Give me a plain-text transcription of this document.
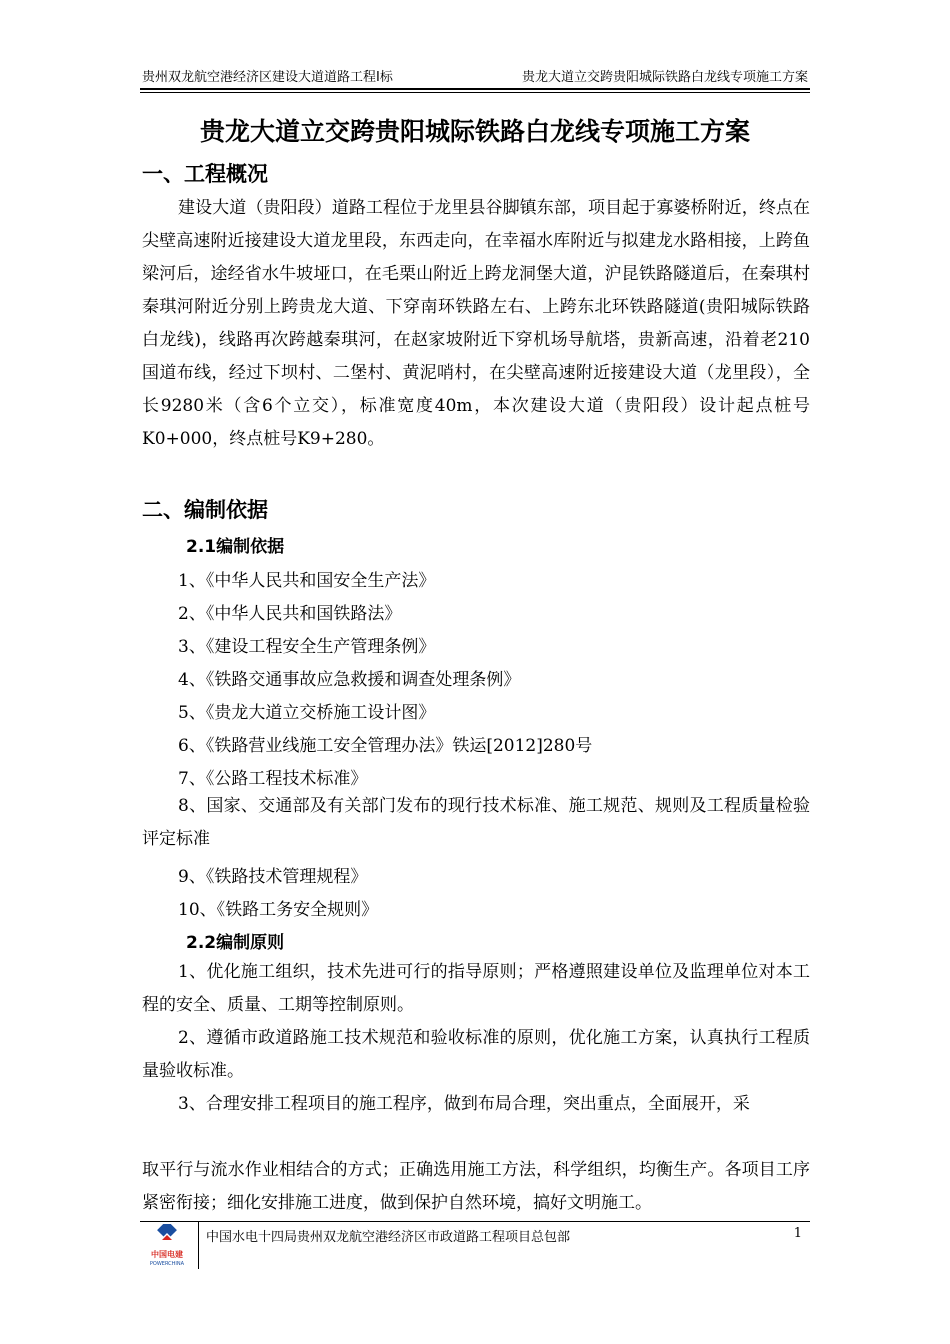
贵州双龙航空港经济区建设大道道路工程Ⅰ标	贵龙大道立交跨贵阳城际铁路白龙线专项施工方案
贵龙大道立交跨贵阳城际铁路白龙线专项施工方案
一、工程概况
建设大道（贵阳段）道路工程位于龙里县谷脚镇东部，项目起于寡婆桥附近，终点在尖壁高速附近接建设大道龙里段，东西走向，在幸福水库附近与拟建龙水路相接，上跨鱼梁河后，途经省水牛坡垭口，在毛栗山附近上跨龙洞堡大道，沪昆铁路隧道后，在秦琪村秦琪河附近分别上跨贵龙大道、下穿南环铁路左右、上跨东北环铁路隧道(贵阳城际铁路白龙线)，线路再次跨越秦琪河，在赵家坡附近下穿机场导航塔，贵新高速，沿着老210国道布线，经过下坝村、二堡村、黄泥哨村，在尖壁高速附近接建设大道（龙里段），全长9280米（含6个立交），标准宽度40m，本次建设大道（贵阳段）设计起点桩号K0+000，终点桩号K9+280。
二、编制依据
2.1编制依据
1、《中华人民共和国安全生产法》
2、《中华人民共和国铁路法》
3、《建设工程安全生产管理条例》
4、《铁路交通事故应急救援和调查处理条例》
5、《贵龙大道立交桥施工设计图》
6、《铁路营业线施工安全管理办法》铁运[2012]280号
7、《公路工程技术标准》
8、国家、交通部及有关部门发布的现行技术标准、施工规范、规则及工程质量检验评定标准
9、《铁路技术管理规程》
10、《铁路工务安全规则》
2.2编制原则
1、优化施工组织，技术先进可行的指导原则；严格遵照建设单位及监理单位对本工程的安全、质量、工期等控制原则。
2、遵循市政道路施工技术规范和验收标准的原则，优化施工方案，认真执行工程质量验收标准。
3、合理安排工程项目的施工程序，做到布局合理，突出重点，全面展开，采
取平行与流水作业相结合的方式；正确选用施工方法，科学组织，均衡生产。各项目工序紧密衔接；细化安排施工进度，做到保护自然环境，搞好文明施工。
中国电建
POWERCHINA
中国水电十四局贵州双龙航空港经济区市政道路工程项目总包部	1
